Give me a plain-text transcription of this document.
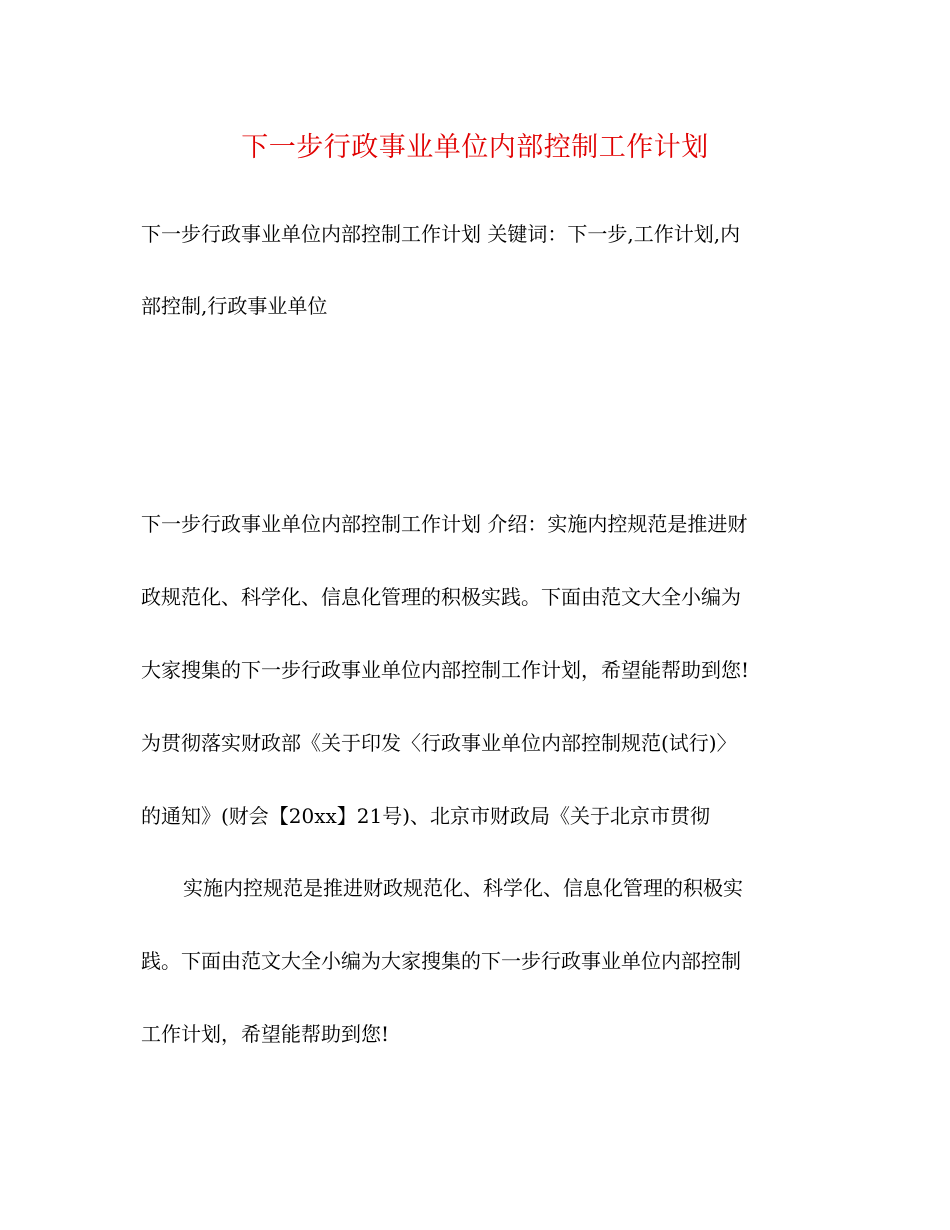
下一步行政事业单位内部控制工作计划
下一步行政事业单位内部控制工作计划 关键词：下一步,工作计划,内
部控制,行政事业单位
下一步行政事业单位内部控制工作计划 介绍：实施内控规范是推进财
政规范化、科学化、信息化管理的积极实践。下面由范文大全小编为
大家搜集的下一步行政事业单位内部控制工作计划，希望能帮助到您!
为贯彻落实财政部《关于印发〈行政事业单位内部控制规范(试行)〉
的通知》(财会【20xx】21号)、北京市财政局《关于北京市贯彻
实施内控规范是推进财政规范化、科学化、信息化管理的积极实
践。下面由范文大全小编为大家搜集的下一步行政事业单位内部控制
工作计划，希望能帮助到您!
